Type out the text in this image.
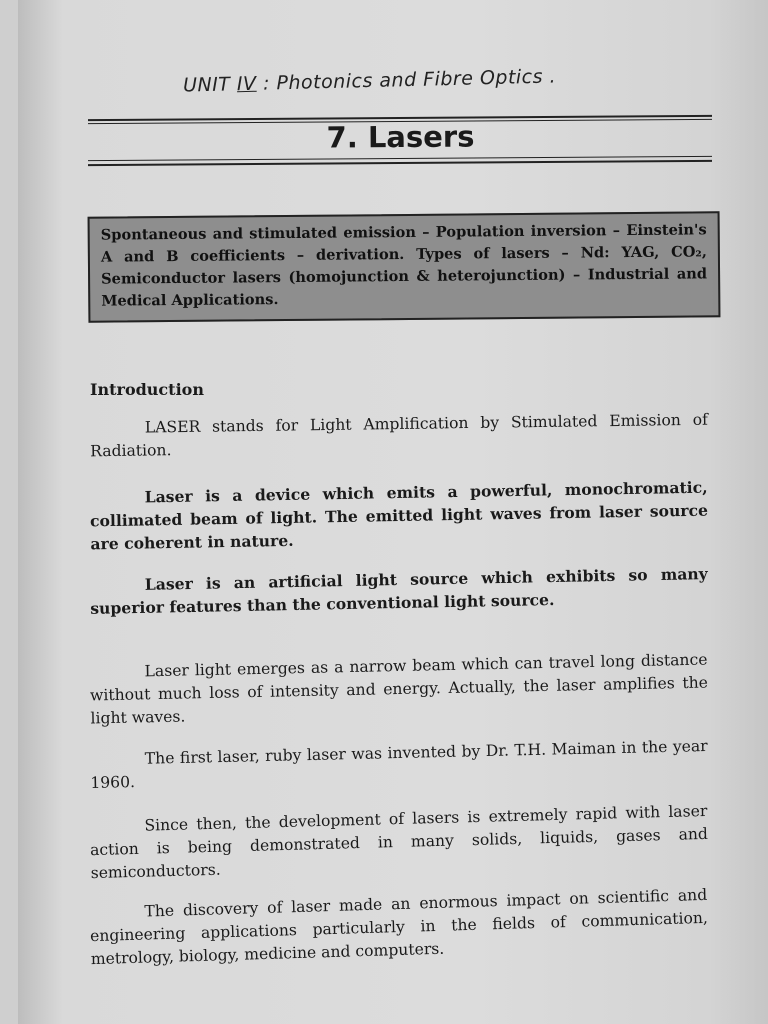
UNIT IV : Photonics and Fibre Optics .
7. Lasers
Spontaneous and stimulated emission – Population inversion – Einstein's A and B coefficients – derivation. Types of lasers – Nd: YAG, CO₂, Semiconductor lasers (homojunction & heterojunction) – Industrial and Medical Applications.
Introduction
LASER stands for Light Amplification by Stimulated Emission of Radiation.
Laser is a device which emits a powerful, monochromatic, collimated beam of light. The emitted light waves from laser source are coherent in nature.
Laser is an artificial light source which exhibits so many superior features than the conventional light source.
Laser light emerges as a narrow beam which can travel long distance without much loss of intensity and energy. Actually, the laser amplifies the light waves.
The first laser, ruby laser was invented by Dr. T.H. Maiman in the year 1960.
Since then, the development of lasers is extremely rapid with laser action is being demonstrated in many solids, liquids, gases and semiconductors.
The discovery of laser made an enormous impact on scientific and engineering applications particularly in the fields of communication, metrology, biology, medicine and computers.
